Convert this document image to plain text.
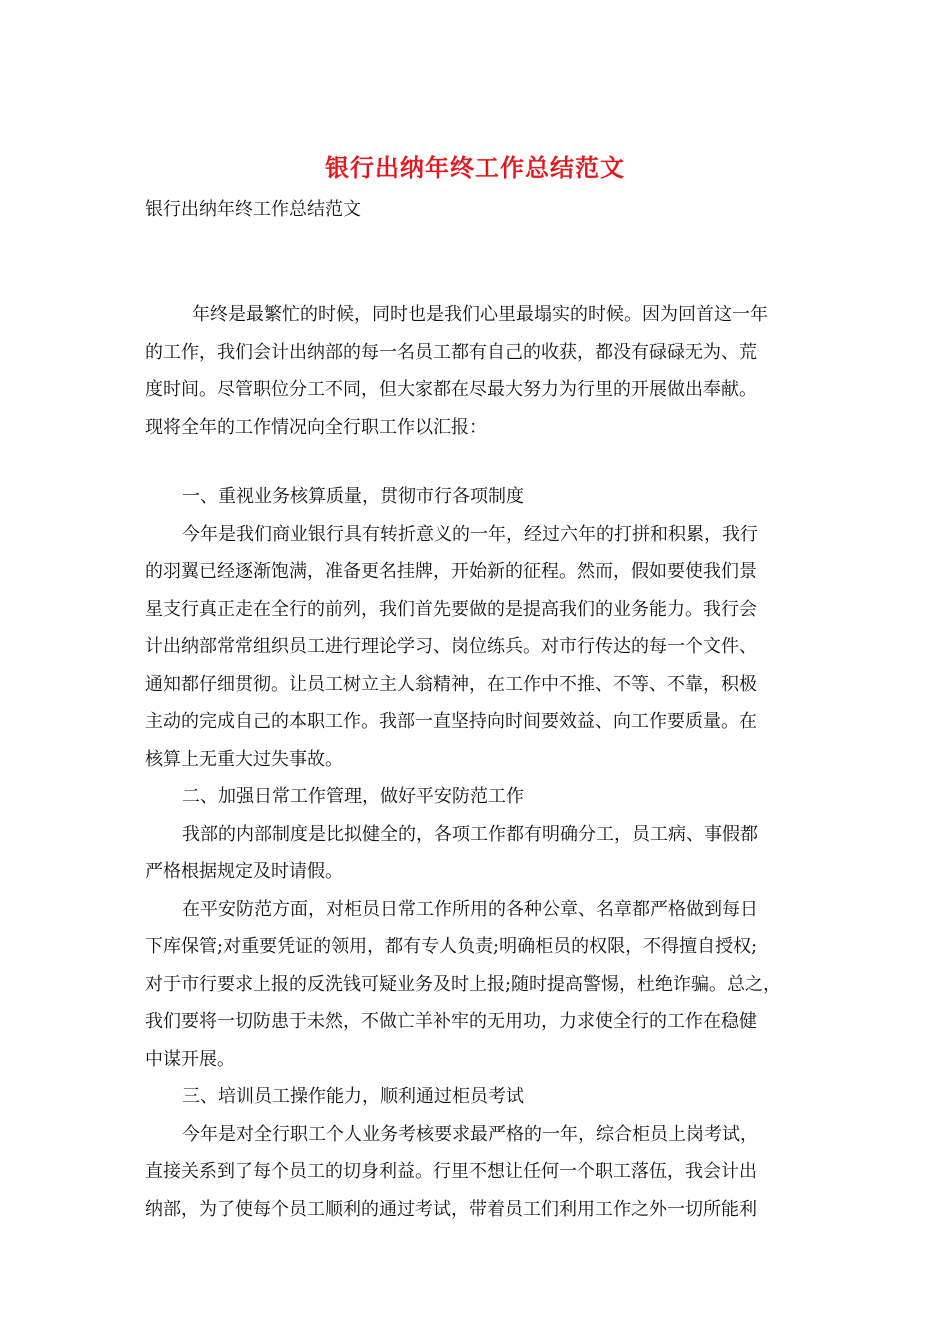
银行出纳年终工作总结范文
银行出纳年终工作总结范文

年终是最繁忙的时候，同时也是我们心里最塌实的时候。因为回首这一年

的工作，我们会计出纳部的每一名员工都有自己的收获，都没有碌碌无为、荒

度时间。尽管职位分工不同，但大家都在尽最大努力为行里的开展做出奉献。

现将全年的工作情况向全行职工作以汇报：

一、重视业务核算质量，贯彻市行各项制度

今年是我们商业银行具有转折意义的一年，经过六年的打拼和积累，我行

的羽翼已经逐渐饱满，准备更名挂牌，开始新的征程。然而，假如要使我们景

星支行真正走在全行的前列，我们首先要做的是提高我们的业务能力。我行会

计出纳部常常组织员工进行理论学习、岗位练兵。对市行传达的每一个文件、

通知都仔细贯彻。让员工树立主人翁精神，在工作中不推、不等、不靠，积极

主动的完成自己的本职工作。我部一直坚持向时间要效益、向工作要质量。在

核算上无重大过失事故。

二、加强日常工作管理，做好平安防范工作

我部的内部制度是比拟健全的，各项工作都有明确分工，员工病、事假都

严格根据规定及时请假。

在平安防范方面，对柜员日常工作所用的各种公章、名章都严格做到每日

下库保管;对重要凭证的领用，都有专人负责;明确柜员的权限，不得擅自授权;

对于市行要求上报的反洗钱可疑业务及时上报;随时提高警惕，杜绝诈骗。总之，

我们要将一切防患于未然，不做亡羊补牢的无用功，力求使全行的工作在稳健

中谋开展。

三、培训员工操作能力，顺利通过柜员考试

今年是对全行职工个人业务考核要求最严格的一年，综合柜员上岗考试，

直接关系到了每个员工的切身利益。行里不想让任何一个职工落伍，我会计出

纳部，为了使每个员工顺利的通过考试，带着员工们利用工作之外一切所能利
